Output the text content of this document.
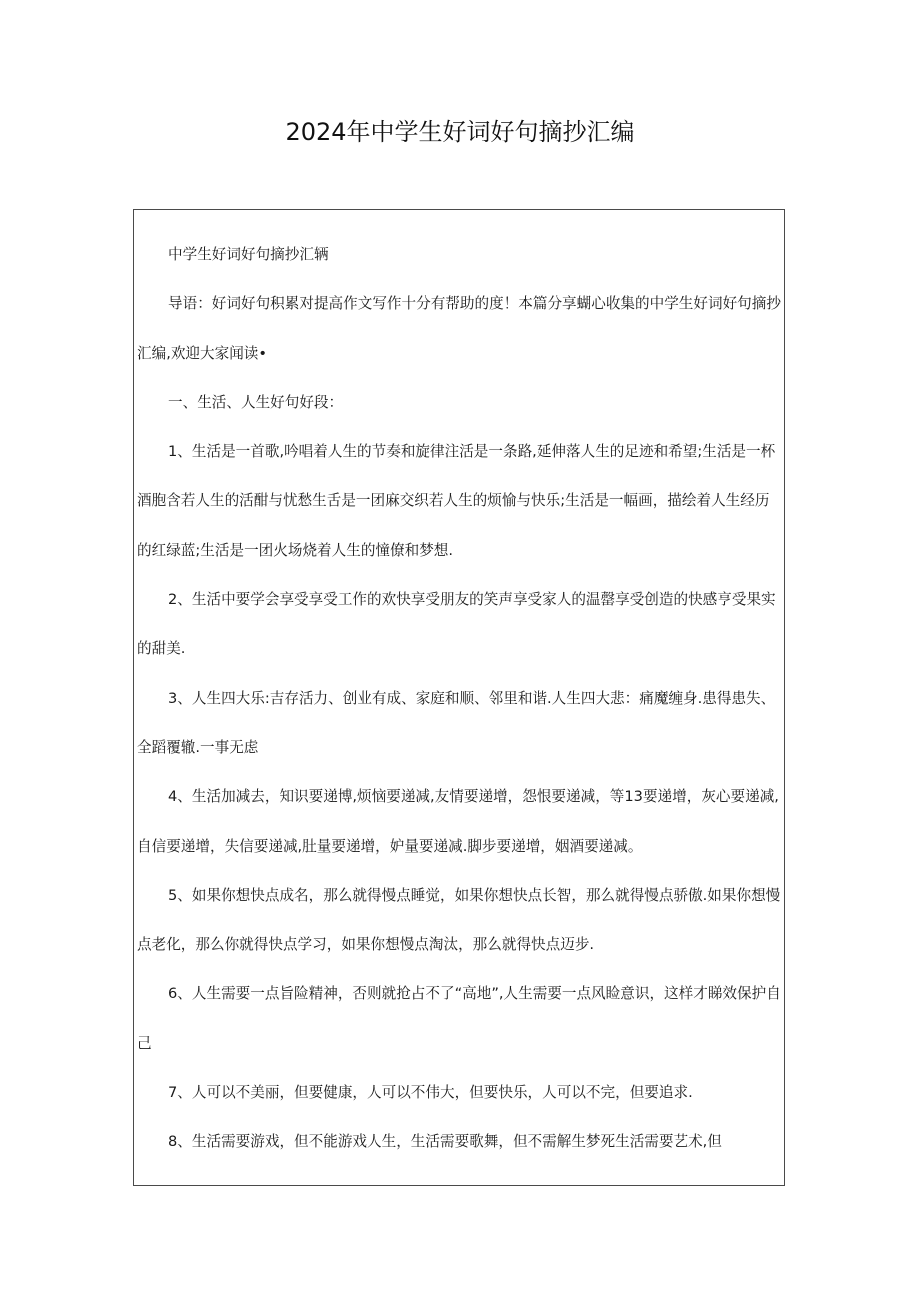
2024年中学生好词好句摘抄汇编

中学生好词好句摘抄汇辆

导语：好词好句积累对提高作文写作十分有帮助的度！本篇分享蝴心收集的中学生好词好句摘抄汇编,欢迎大家闻读•

一、生活、人生好句好段：

1、生活是一首歌,吟唱着人生的节奏和旋律注活是一条路,延伸落人生的足迹和希望;生活是一杯酒胞含若人生的活酣与忧愁生舌是一团麻交织若人生的烦愉与快乐;生活是一幅画，描绘着人生经历的红绿蓝;生活是一团火场烧着人生的憧僚和梦想.

2、生活中要学会享受享受工作的欢快享受朋友的笑声享受家人的温罄享受创造的快感亨受果实的甜美.

3、人生四大乐:吉存活力、创业有成、家庭和顺、邻里和谐.人生四大悲：痛魔缠身.患得患失、全蹈覆辙.一事无虑

4、生活加减去，知识要递博,烦恼要递减,友情要递增，怨恨要递减，等13要递增，灰心要递减,自信要递增，失信要递减,肚量要递增，妒量要递减.脚步要递增，姻酒要递减。

5、如果你想快点成名，那么就得慢点睡觉，如果你想快点长智，那么就得慢点骄傲.如果你想慢点老化，那么你就得快点学习，如果你想慢点淘汰，那么就得快点迈步.

6、人生需要一点旨险精神，否则就抢占不了“高地”,人生需要一点风睑意识，这样才睇效保护自己

7、人可以不美丽，但要健康，人可以不伟大，但要快乐，人可以不完，但要追求.

8、生活需要游戏，但不能游戏人生，生活需要歌舞，但不需解生梦死生活需要艺术,但
